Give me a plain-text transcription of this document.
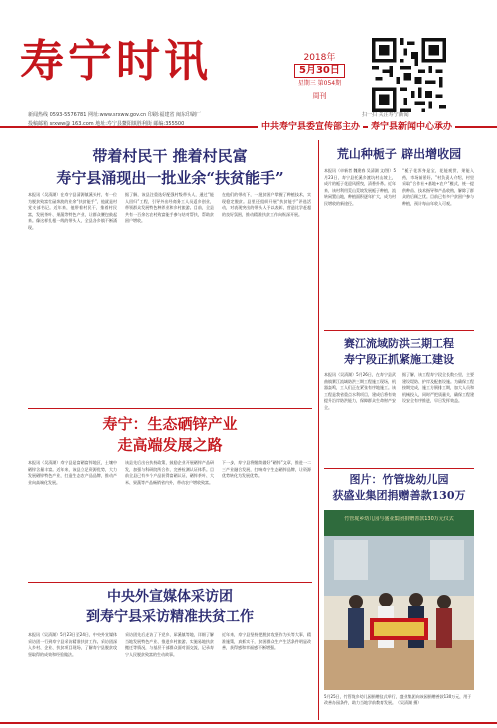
寿宁时讯	2018年
5月30日
星期三 第054期
周刊
扫一扫 关注寿宁新闻
中共寿宁县委宣传部主办	寿宁县新闻中心承办
新闻热线 0593-5576781 网址:www.srxww.gov.cn 印刷:福建省 闽东印刷厂
投稿邮箱 srxww@ 163.com 地址:寿宁县鳌阳镇胜利街 邮编:355500
带着村民干 推着村民富
寿宁县涌现出一批业余“扶贫能手”
本报讯（吴清湖）在寿宁县清源镇溪头村，有一位为脱贫致富忙碌奔波的业余“扶贫能手”，他就是村党支部书记。近年来，他带着村民干，推着村民富，发展茶叶、果蔬等特色产业，让群众腰包鼓起来。像这样扎根一线的带头人，全县各乡镇不断涌现。
据了解，该县注重选好配强村级带头人，通过“能人回归”工程，引导外出经商务工人员返乡创业，带领群众发展特色种养业和乡村旅游。目前，全县共有一百余名农村致富能手参与结对帮扶，帮助贫困户增收。
在他们的带动下，一批贫困户掌握了种植技术，实现稳定脱贫。县里还组织开展“扶贫能手”评选活动，对表现突出的带头人予以表彰，营造比学赶超的良好氛围，推动精准扶贫工作向纵深开展。
寿宁：生态硒锌产业
走高端发展之路
本报讯（吴清湖）寿宁县是富硒富锌地区，土壤中硒锌含量丰富。近年来，该县立足资源优势，大力发展硒锌特色产业，打造生态农产品品牌，推动产业向高端化发展。
该县先后出台扶持政策，鼓励企业开展硒锌产品研发，加强与科研院所合作，完善检测认证体系。目前全县已有多个产品获得富硒认证，硒锌茶叶、大米、果蔬等产品畅销省内外，带动农户增收致富。
下一步，寿宁县将继续做好“硒锌”文章，推进一二三产业融合发展，打响寿宁生态硒锌品牌，让资源优势转化为发展优势。
中央外宣媒体采访团
到寿宁县采访精准扶贫工作
本报讯（吴清湖）5月23日至24日，中央外宣媒体采访团一行到寿宁县采访精准扶贫工作。采访团深入乡村、企业、扶贫项目现场，了解寿宁县脱贫攻坚取得的成效和经验做法。
采访团先后走访了下党乡、犀溪镇等地，详细了解当地发展特色产业、推进乡村旅游、实施易地扶贫搬迁等情况，与基层干部群众面对面交流，记录寿宁人民脱贫致富的生动故事。
近年来，寿宁县坚持把脱贫攻坚作为头等大事，精准施策，真抓实干，贫困群众生产生活条件明显改善，获得感和幸福感不断增强。
荒山种栀子 辟出增收园
本报讯（卓新者 魏建春 吴清湖 文/图）5月23日，寿宁县托溪乡渡坑村山坡上，成片的栀子花迎风摇曳，清香扑鼻。近年来，该村利用荒山荒坡发展栀子种植，流转闲置山地，种植面积逐年扩大，成为村民增收的新途径。
“栀子花浑身是宝，花能观赏，果能入药，市场前景好。”村负责人介绍，村里采取“合作社+基地+农户”模式，统一提供种苗、技术指导和产品收购，解除了群众的后顾之忧。目前已有多户贫困户参与种植，预计每亩年收入可观。
赛江流域防洪三期工程
寿宁段正抓紧施工建设
本报讯（吴清湖）5月26日，在寿宁县武曲镇赛江流域防洪三期工程施工现场，机器轰鸣，工人们正在紧张有序地施工。该工程是我省重点水利项目，建成后将有效提升沿岸防洪能力，保障群众生命财产安全。
据了解，该工程寿宁段全长数公里，主要建设堤防、护岸及配套设施。为确保工程按期完成，施工方倒排工期，加大人员和机械投入，同时严把质量关，确保工程建设安全有序推进，早日发挥效益。
图片：竹管垅幼儿园
获盛业集团捐赠善款130万
竹管垅乡幼儿园与盛业集团捐赠善款130万元仪式
5月25日，竹管垅乡幼儿园捐赠仪式举行，盛业集团向该园捐赠善款130万元，用于改善办园条件，助力当地学前教育发展。（吴清湖 摄）
